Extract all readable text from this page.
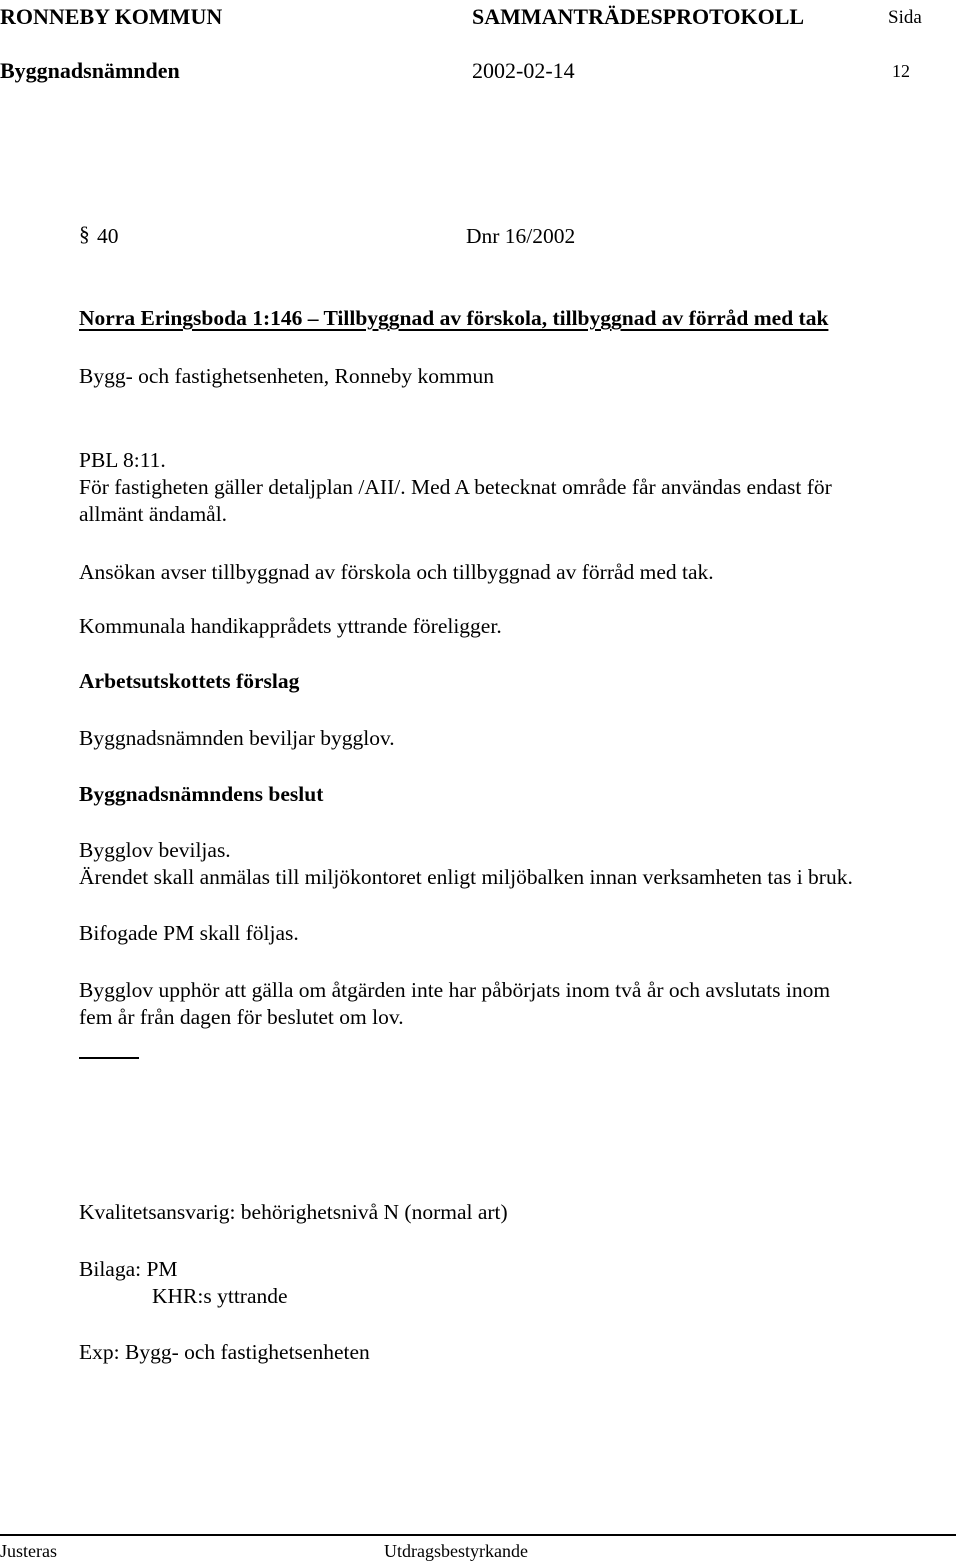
RONNEBY KOMMUN	SAMMANTRÄDESPROTOKOLL	Sida
Byggnadsnämnden	2002-02-14	12
§ 40	Dnr 16/2002
Norra Eringsboda 1:146 – Tillbyggnad av förskola, tillbyggnad av förråd med tak
Bygg- och fastighetsenheten, Ronneby kommun
PBL 8:11.
För fastigheten gäller detaljplan /AII/. Med A betecknat område får användas endast för
allmänt ändamål.
Ansökan avser tillbyggnad av förskola och tillbyggnad av förråd med tak.
Kommunala handikapprådets yttrande föreligger.
Arbetsutskottets förslag
Byggnadsnämnden beviljar bygglov.
Byggnadsnämndens beslut
Bygglov beviljas.
Ärendet skall anmälas till miljökontoret enligt miljöbalken innan verksamheten tas i bruk.
Bifogade PM skall följas.
Bygglov upphör att gälla om åtgärden inte har påbörjats inom två år och avslutats inom
fem år från dagen för beslutet om lov.
Kvalitetsansvarig: behörighetsnivå N (normal art)
Bilaga: PM
KHR:s yttrande
Exp: Bygg- och fastighetsenheten
Justeras	Utdragsbestyrkande
